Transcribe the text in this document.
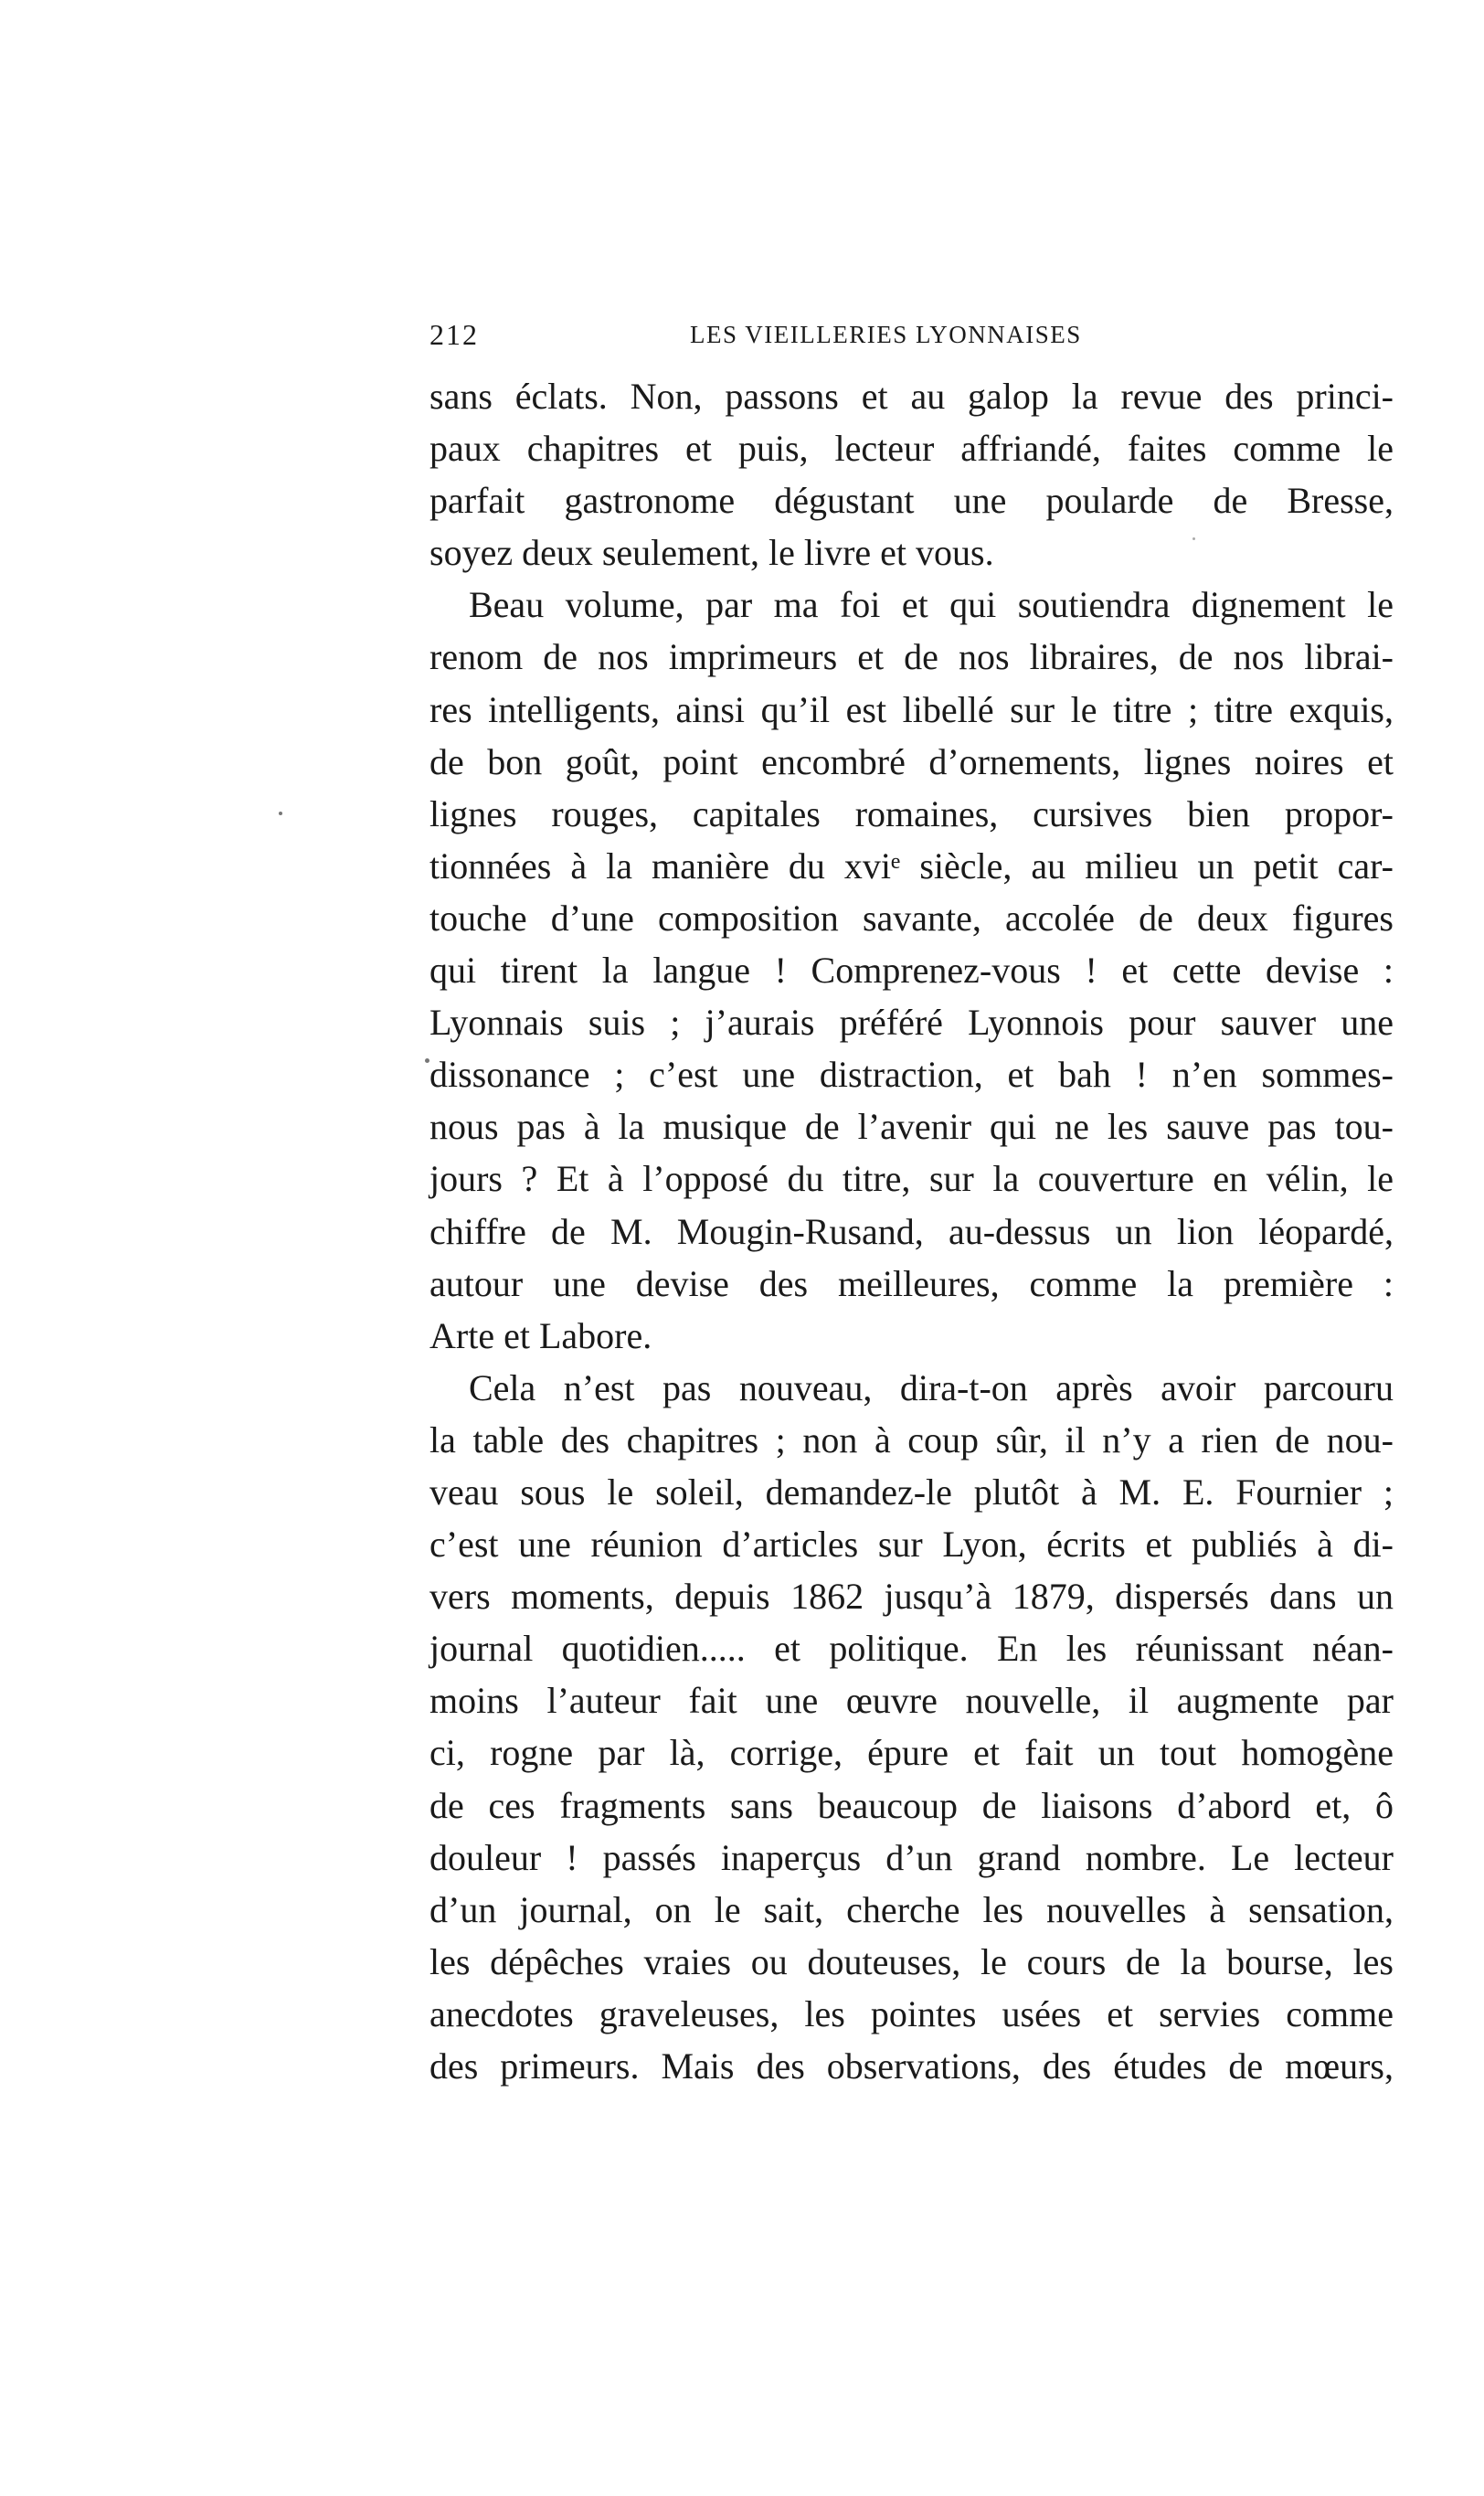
212	LES VIEILLERIES LYONNAISES
sans éclats. Non, passons et au galop la revue des princi-
paux chapitres et puis, lecteur affriandé, faites comme le
parfait gastronome dégustant une poularde de Bresse,
soyez deux seulement, le livre et vous.
Beau volume, par ma foi et qui soutiendra dignement le
renom de nos imprimeurs et de nos libraires, de nos librai-
res intelligents, ainsi qu’il est libellé sur le titre ; titre exquis,
de bon goût, point encombré d’ornements, lignes noires et
lignes rouges, capitales romaines, cursives bien propor-
tionnées à la manière du xviᵉ siècle, au milieu un petit car-
touche d’une composition savante, accolée de deux figures
qui tirent la langue ! Comprenez-vous ! et cette devise :
Lyonnais suis ; j’aurais préféré Lyonnois pour sauver une
dissonance ; c’est une distraction, et bah ! n’en sommes-
nous pas à la musique de l’avenir qui ne les sauve pas tou-
jours ? Et à l’opposé du titre, sur la couverture en vélin, le
chiffre de M. Mougin-Rusand, au-dessus un lion léopardé,
autour une devise des meilleures, comme la première :
Arte et Labore.
Cela n’est pas nouveau, dira-t-on après avoir parcouru
la table des chapitres ; non à coup sûr, il n’y a rien de nou-
veau sous le soleil, demandez-le plutôt à M. E. Fournier ;
c’est une réunion d’articles sur Lyon, écrits et publiés à di-
vers moments, depuis 1862 jusqu’à 1879, dispersés dans un
journal quotidien..... et politique. En les réunissant néan-
moins l’auteur fait une œuvre nouvelle, il augmente par
ci, rogne par là, corrige, épure et fait un tout homogène
de ces fragments sans beaucoup de liaisons d’abord et, ô
douleur ! passés inaperçus d’un grand nombre. Le lecteur
d’un journal, on le sait, cherche les nouvelles à sensation,
les dépêches vraies ou douteuses, le cours de la bourse, les
anecdotes graveleuses, les pointes usées et servies comme
des primeurs. Mais des observations, des études de mœurs,
